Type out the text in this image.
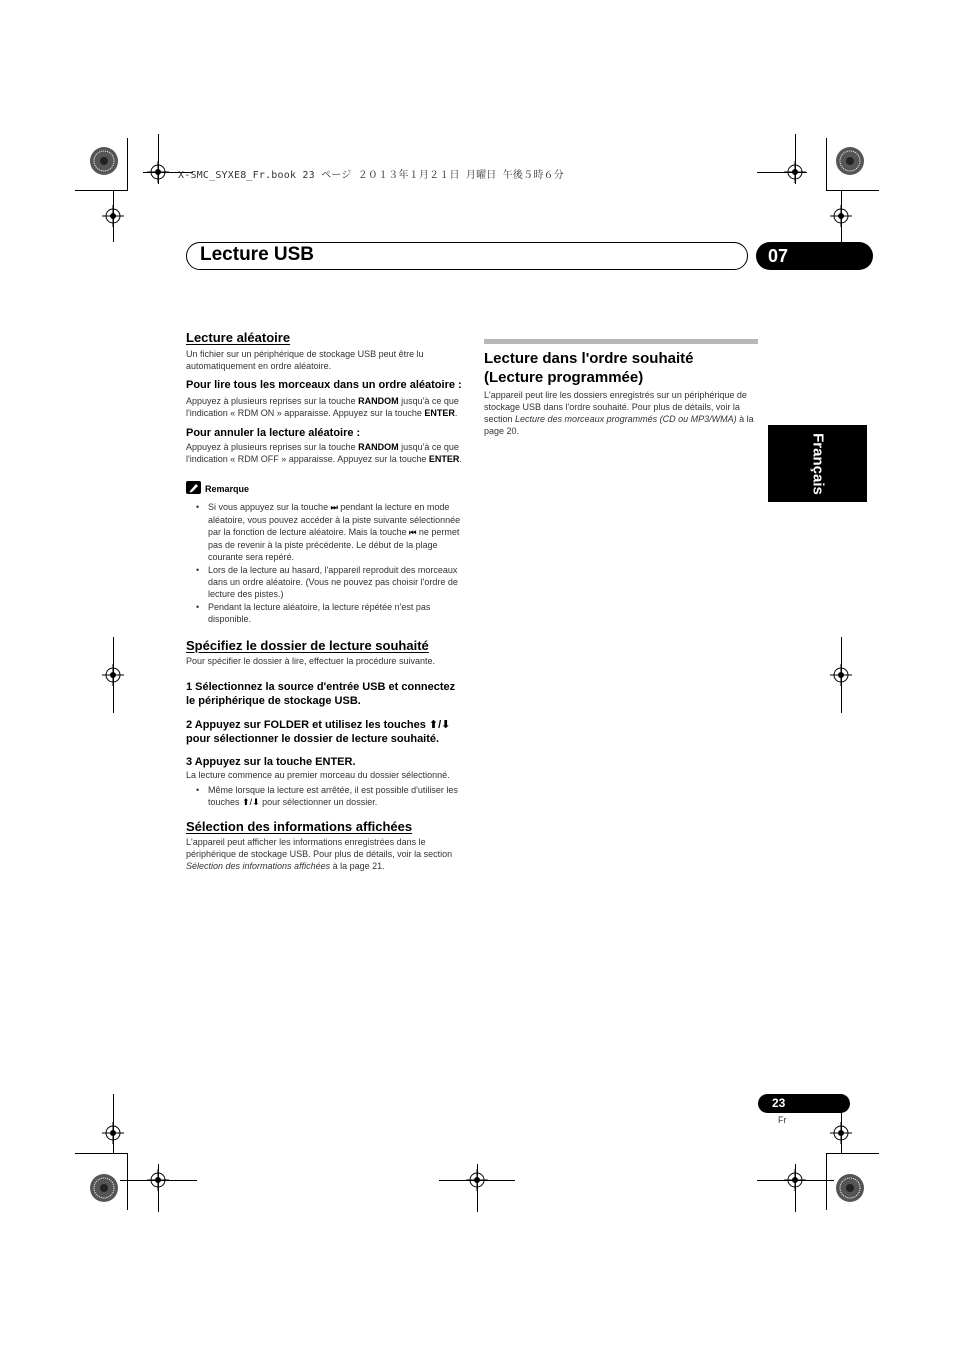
X-SMC_SYXE8_Fr.book 23 ページ ２０１３年１月２１日 月曜日 午後５時６分
Lecture USB	07
Français
Lecture aléatoire

Un fichier sur un périphérique de stockage USB peut être lu automatiquement en ordre aléatoire.

Pour lire tous les morceaux dans un ordre aléatoire :

Appuyez à plusieurs reprises sur la touche RANDOM jusqu'à ce que l'indication « RDM ON » apparaisse. Appuyez sur la touche ENTER.

Pour annuler la lecture aléatoire :

Appuyez à plusieurs reprises sur la touche RANDOM jusqu'à ce que l'indication « RDM OFF » apparaisse. Appuyez sur la touche ENTER.

Remarque

• Si vous appuyez sur la touche ⏭ pendant la lecture en mode aléatoire, vous pouvez accéder à la piste suivante sélectionnée par la fonction de lecture aléatoire. Mais la touche ⏮ ne permet pas de revenir à la piste précédente. Le début de la plage courante sera repéré.

• Lors de la lecture au hasard, l'appareil reproduit des morceaux dans un ordre aléatoire. (Vous ne pouvez pas choisir l'ordre de lecture des pistes.)

• Pendant la lecture aléatoire, la lecture répétée n'est pas disponible.

Spécifiez le dossier de lecture souhaité

Pour spécifier le dossier à lire, effectuer la procédure suivante.

1 Sélectionnez la source d'entrée USB et connectez le périphérique de stockage USB.

2 Appuyez sur FOLDER et utilisez les touches ⬆/⬇ pour sélectionner le dossier de lecture souhaité.

3 Appuyez sur la touche ENTER.

La lecture commence au premier morceau du dossier sélectionné.

• Même lorsque la lecture est arrêtée, il est possible d'utiliser les touches ⬆/⬇ pour sélectionner un dossier.

Sélection des informations affichées

L'appareil peut afficher les informations enregistrées dans le périphérique de stockage USB. Pour plus de détails, voir la section Sélection des informations affichées à la page 21.

Lecture dans l'ordre souhaité (Lecture programmée)

L'appareil peut lire les dossiers enregistrés sur un périphérique de stockage USB dans l'ordre souhaité. Pour plus de détails, voir la section Lecture des morceaux programmés (CD ou MP3/WMA) à la page 20.

23
Fr
